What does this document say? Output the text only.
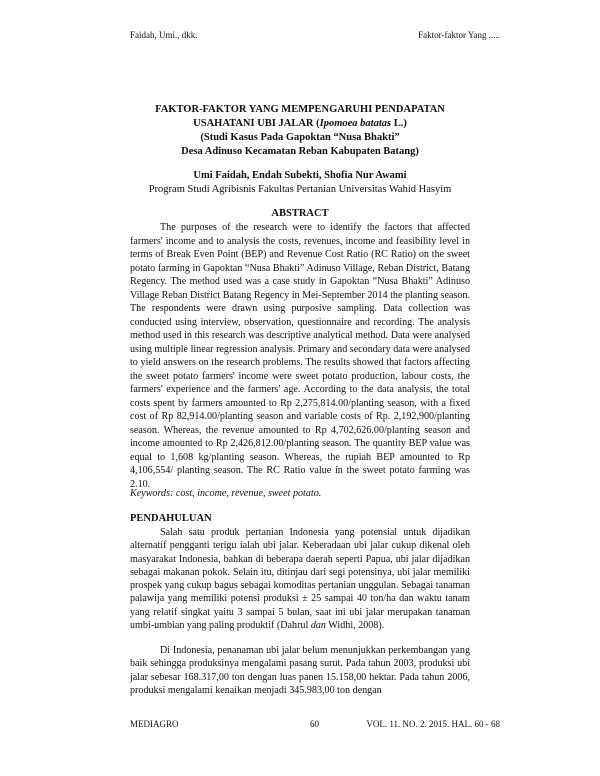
Faidah, Umi., dkk.	Faktor-faktor Yang .....
FAKTOR-FAKTOR YANG MEMPENGARUHI PENDAPATAN
USAHATANI UBI JALAR (Ipomoea batatas L.)
(Studi Kasus Pada Gapoktan “Nusa Bhakti”
Desa Adinuso Kecamatan Reban Kabupaten Batang)
Umi Faidah, Endah Subekti, Shofia Nur Awami
Program Studi Agribisnis Fakultas Pertanian Universitas Wahid Hasyim
ABSTRACT

The purposes of the research were to identify the factors that affected farmers' income and to analysis the costs, revenues, income and feasibility level in terms of Break Even Point (BEP) and Revenue Cost Ratio (RC Ratio) on the sweet potato farming in Gapoktan “Nusa Bhakti” Adinuso Village, Reban District, Batang Regency. The method used was a case study in Gapoktan “Nusa Bhakti” Adinuso Village Reban District Batang Regency in Mei-September 2014 the planting season. The respondents were drawn using purposive sampling. Data collection was conducted using interview, observation, questionnaire and recording. The analysis method used in this research was descriptive analytical method. Data were analysed using multiple linear regression analysis. Primary and secondary data were analysed to yield answers on the research problems. The results showed that factors affecting the sweet potato farmers' income were sweet potato production, labour costs, the farmers' experience and the farmers' age. According to the data analysis, the total costs spent by farmers amounted to Rp 2,275,814.00/planting season, with a fixed cost of Rp 82,914.00/planting season and variable costs of Rp. 2,192,900/planting season. Whereas, the revenue amounted to Rp 4,702,626.00/planting season and income amounted to Rp 2,426,812.00/planting season. The quantity BEP value was equal to 1,608 kg/planting season. Whereas, the rupiah BEP amounted to Rp 4,106,554/ planting season. The RC Ratio value in the sweet potato farming was 2.10.

Keywords: cost, income, revenue, sweet potato.
PENDAHULUAN

Salah satu produk pertanian Indonesia yang potensial untuk dijadikan alternatif pengganti terigu ialah ubi jalar. Keberadaan ubi jalar cukup dikenal oleh masyarakat Indonesia, bahkan di beberapa daerah seperti Papua, ubi jalar dijadikan sebagai makanan pokok. Selain itu, ditinjau dari segi potensinya, ubi jalar memiliki prospek yang cukup bagus sebagai komoditas pertanian unggulan. Sebagai tanaman palawija yang memiliki potensi produksi ± 25 sampai 40 ton/ha dan waktu tanam yang relatif singkat yaitu 3 sampai 5 bulan, saat ini ubi jalar merupakan tanaman umbi-umbian yang paling produktif (Dahrul dan Widhi, 2008).

Di Indonesia, penanaman ubi jalar belum menunjukkan perkembangan yang baik sehingga produksinya mengalami pasang surut. Pada tahun 2003, produksi ubi jalar sebesar 168.317,00 ton dengan luas panen 15.158,00 hektar. Pada tahun 2006, produksi mengalami kenaikan menjadi 345.983,00 ton dengan

MEDIAGRO	60	VOL. 11. NO. 2. 2015. HAL. 60 - 68
